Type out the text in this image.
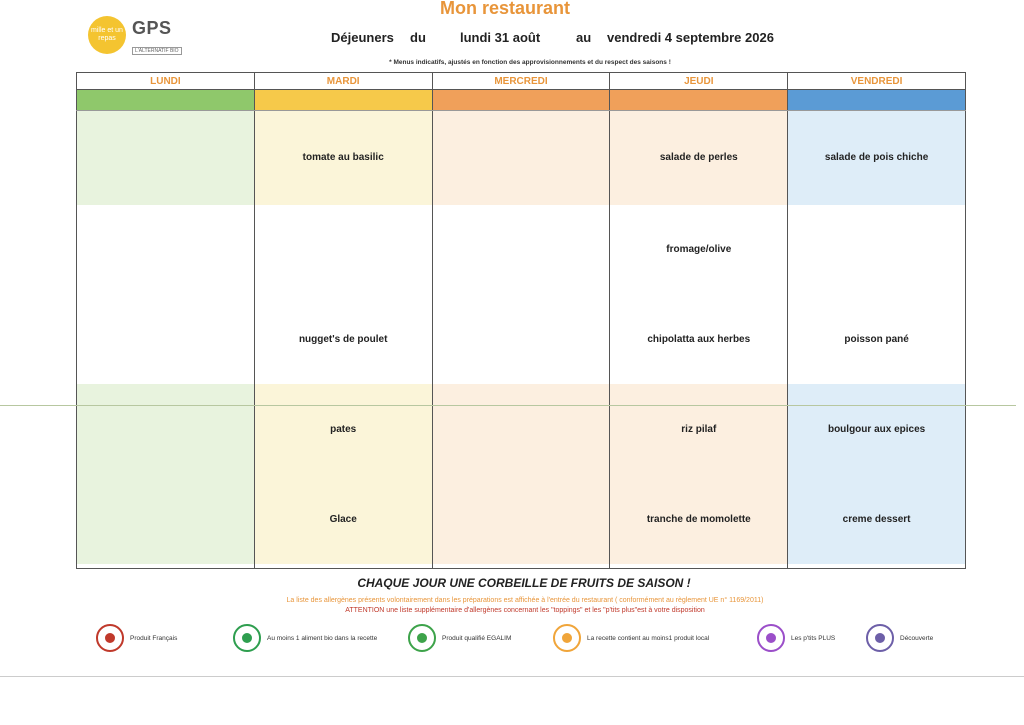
mille et un repas
GPS
L'ALTERNATIF BIO
Mon restaurant
Déjeuners du	lundi 31 août	au vendredi 4 septembre 2026
* Menus indicatifs, ajustés en fonction des approvisionnements et du respect des saisons !
LUNDI	MARDI	MERCREDI	JEUDI	VENDREDI

	tomate au basilic		salade de perles	salade de pois chiche
			fromage/olive	

	nugget's de poulet		chipolatta aux herbes	poisson pané
	pates		riz pilaf	boulgour aux epices

	Glace		tranche de momolette	creme dessert

CHAQUE JOUR UNE CORBEILLE DE FRUITS DE SAISON !
La liste des allergènes présents volontairement dans les préparations est affichée à l'entrée du restaurant ( conformément au règlement UE n° 1169/2011)
ATTENTION une liste supplémentaire d'allergènes concernant les "toppings" et les "p'tits plus"est à votre disposition
Produit Français	Au moins 1 aliment bio dans la recette	Produit qualifié EGALIM	La recette contient au moins1 produit local	Les p'tits PLUS	Découverte
